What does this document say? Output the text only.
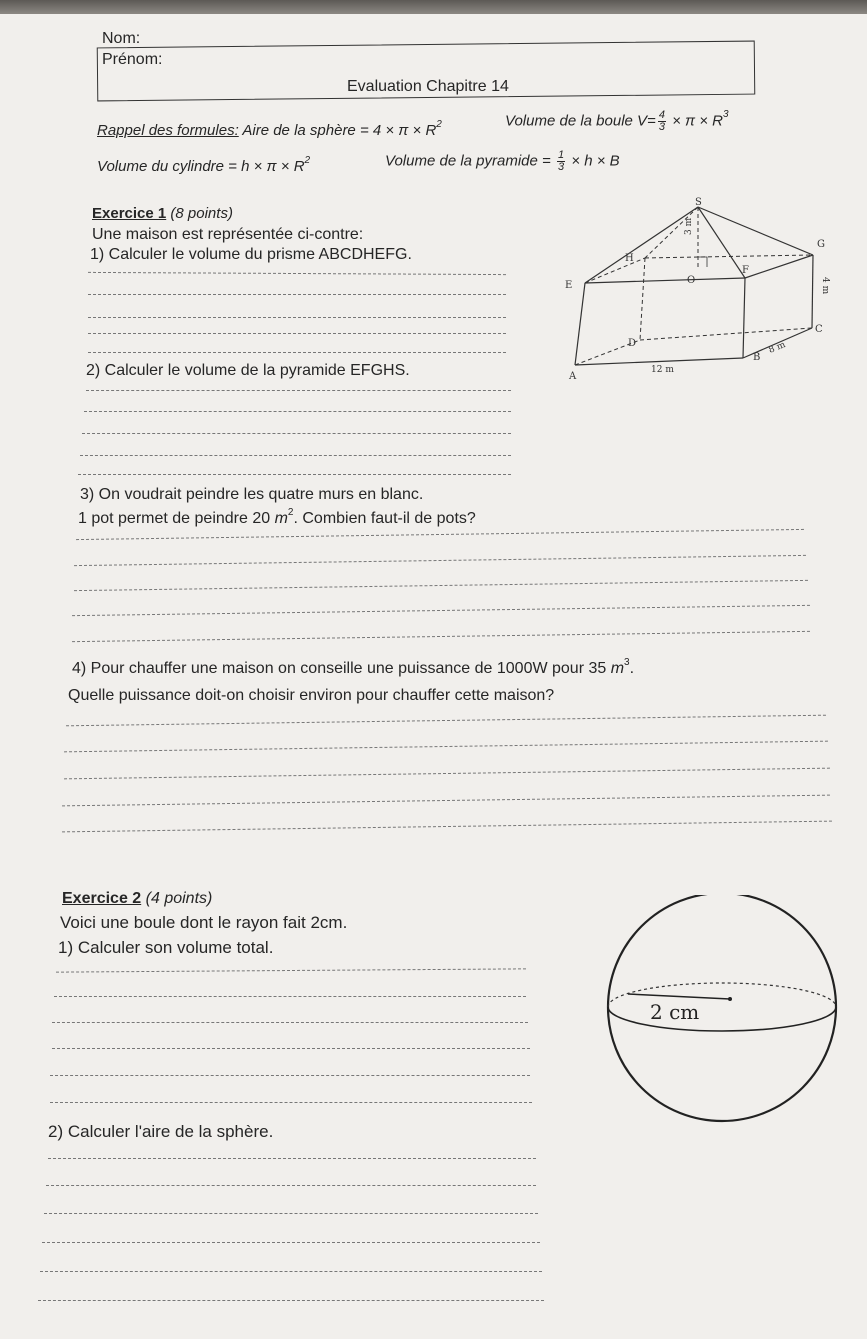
Nom:
Prénom:
Evaluation Chapitre 14
Rappel des formules: Aire de la sphère = $4 \times \pi \times R^2$	Volume de la boule $V= \frac{4}{3} \times \pi \times R^3$
Volume du cylindre = $h \times \pi \times R^2$	Volume de la pyramide = $\frac{1}{3} \times h \times B$
Exercice 1 (8 points)
Une maison est représentée ci-contre:
1) Calculer le volume du prisme ABCDHEFG.
2) Calculer le volume de la pyramide EFGHS.
3) On voudrait peindre les quatre murs en blanc.
1 pot permet de peindre 20 $m^2$. Combien faut-il de pots?
4) Pour chauffer une maison on conseille une puissance de 1000W pour 35 $m^3$.
Quelle puissance doit-on choisir environ pour chauffer cette maison?
S
G
H
O
F
E
C
D
B
A
12 m
8 m
3 m
4 m
Exercice 2 (4 points)
Voici une boule dont le rayon fait 2cm.
1) Calculer son volume total.
2) Calculer l'aire de la sphère.
2 cm
